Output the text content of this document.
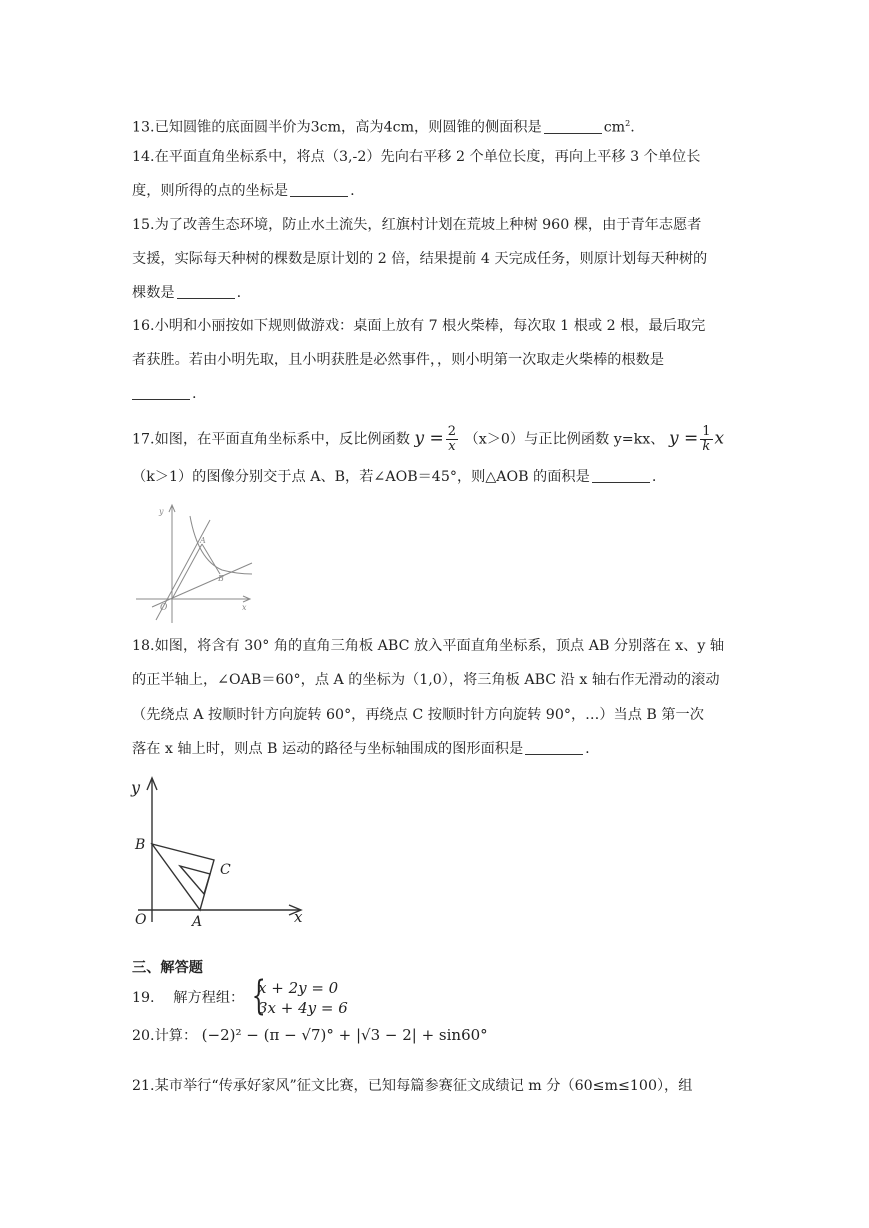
13.已知圆锥的底面圆半价为3cm，高为4cm，则圆锥的侧面积是	$cm^2$.
14.在平面直角坐标系中，将点（3,-2）先向右平移 2 个单位长度，再向上平移 3 个单位长
度，则所得的点的坐标是	.
15.为了改善生态环境，防止水土流失，红旗村计划在荒坡上种树 960 棵，由于青年志愿者
支援，实际每天种树的棵数是原计划的 2 倍，结果提前 4 天完成任务，则原计划每天种树的
棵数是	.
16.小明和小丽按如下规则做游戏：桌面上放有 7 根火柴棒，每次取 1 根或 2 根，最后取完
者获胜。若由小明先取，且小明获胜是必然事件，，则小明第一次取走火柴棒的根数是
.
17.如图，在平面直角坐标系中，反比例函数 $y = \frac{2}{x} (x>0)$与正比例函数 y=kx、 $y = \frac{1}{k}$ x
（k＞1）的图像分别交于点 A、B，若∠AOB＝45°，则△AOB 的面积是	.
y
x
O
A
B
18.如图，将含有 30° 角的直角三角板 ABC 放入平面直角坐标系，顶点 AB 分别落在 x、y 轴
的正半轴上，∠OAB＝60°，点 A 的坐标为（1,0），将三角板 ABC 沿 x 轴右作无滑动的滚动
（先绕点 A 按顺时针方向旋转 60°，再绕点 C 按顺时针方向旋转 90°，…）当点 B 第一次
落在 x 轴上时，则点 B 运动的路径与坐标轴围成的图形面积是	.
y
x
O	A
B
C
三、解答题
19.　 解方程组： {
x + 2y = 0
3x + 4y = 6
20.计算： (−2)² − (π − √7)° + |√3 − 2| + sin60°
21.某市举行“传承好家风”征文比赛，已知每篇参赛征文成绩记 m 分（60≤m≤100），组
